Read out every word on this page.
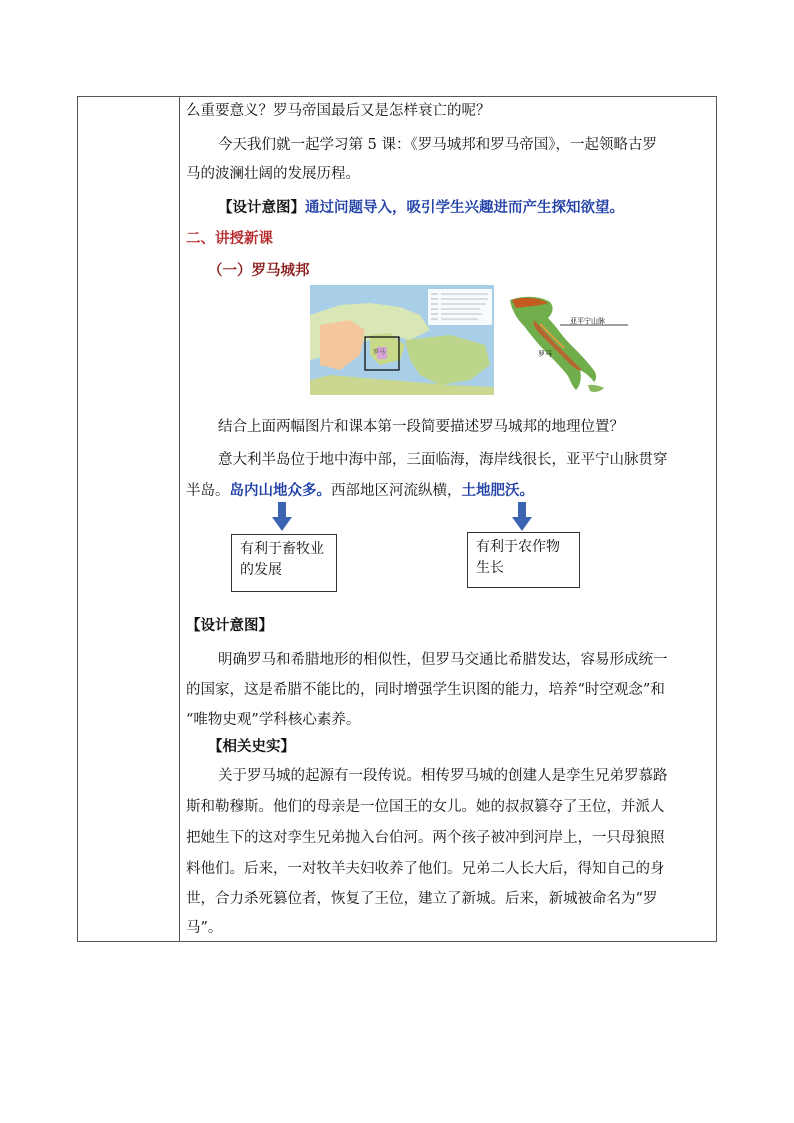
么重要意义？罗马帝国最后又是怎样衰亡的呢？
今天我们就一起学习第 5 课：《罗马城邦和罗马帝国》，一起领略古罗
马的波澜壮阔的发展历程。
【设计意图】通过问题导入，吸引学生兴趣进而产生探知欲望。
二、讲授新课
（一）罗马城邦
罗马
亚平宁山脉
罗马
结合上面两幅图片和课本第一段简要描述罗马城邦的地理位置？
意大利半岛位于地中海中部，三面临海，海岸线很长，亚平宁山脉贯穿
半岛。岛内山地众多。西部地区河流纵横，土地肥沃。
有利于畜牧业
的发展
有利于农作物
生长
【设计意图】
明确罗马和希腊地形的相似性，但罗马交通比希腊发达，容易形成统一
的国家，这是希腊不能比的，同时增强学生识图的能力，培养“时空观念”和
“唯物史观”学科核心素养。
【相关史实】
关于罗马城的起源有一段传说。相传罗马城的创建人是孪生兄弟罗慕路
斯和勒穆斯。他们的母亲是一位国王的女儿。她的叔叔篡夺了王位，并派人
把她生下的这对孪生兄弟抛入台伯河。两个孩子被冲到河岸上，一只母狼照
料他们。后来，一对牧羊夫妇收养了他们。兄弟二人长大后，得知自己的身
世，合力杀死篡位者，恢复了王位，建立了新城。后来，新城被命名为“罗
马”。
